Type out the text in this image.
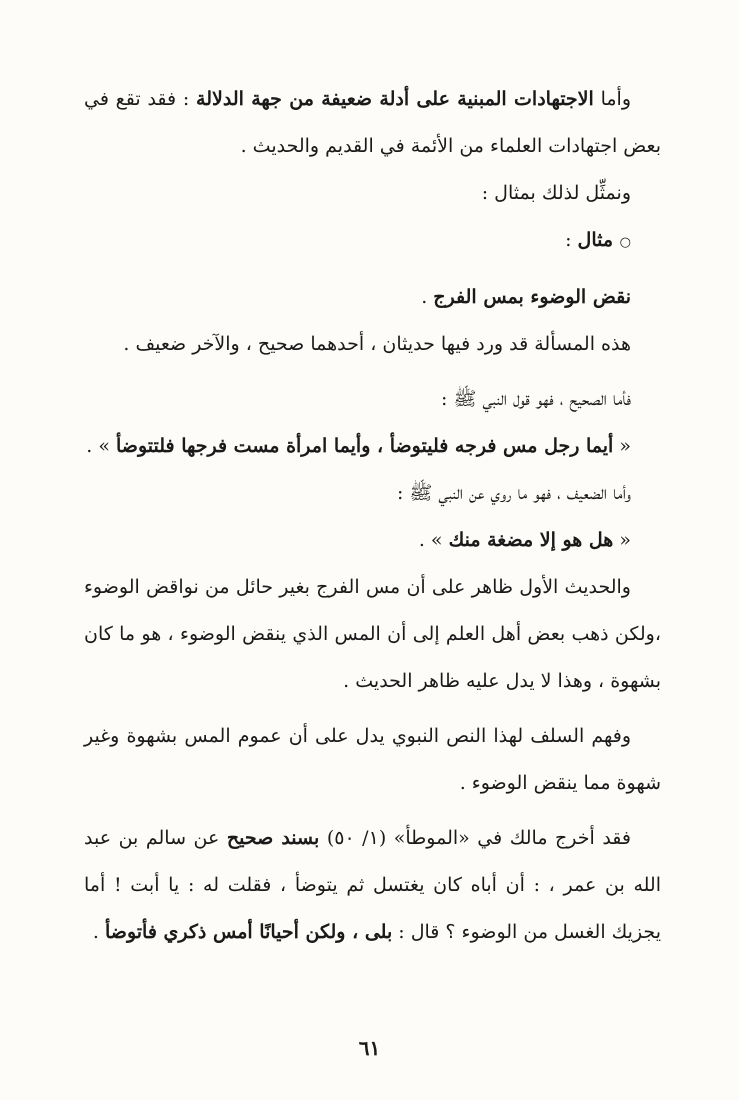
وأما الاجتهادات المبنية على أدلة ضعيفة من جهة الدلالة : فقد تقع في بعض اجتهادات العلماء من الأئمة في القديم والحديث .

ونمثِّل لذلك بمثال :

○ مثال :

نقض الوضوء بمس الفرج .

هذه المسألة قد ورد فيها حديثان ، أحدهما صحيح ، والآخر ضعيف .

فأما الصحيح ، فهو قول النبي ﷺ :

« أيما رجل مس فرجه فليتوضأ ، وأيما امرأة مست فرجها فلتتوضأ » .

وأما الضعيف ، فهو ما روي عن النبي ﷺ :

« هل هو إلا مضغة منك » .

والحديث الأول ظاهر على أن مس الفرج بغير حائل من نواقض الوضوء ،ولكن ذهب بعض أهل العلم إلى أن المس الذي ينقض الوضوء ، هو ما كان بشهوة ، وهذا لا يدل عليه ظاهر الحديث .

وفهم السلف لهذا النص النبوي يدل على أن عموم المس بشهوة وغير شهوة مما ينقض الوضوء .

فقد أخرج مالك في «الموطأ» (١/ ٥٠) بسند صحيح عن سالم بن عبد الله بن عمر ، : أن أباه كان يغتسل ثم يتوضأ ، فقلت له : يا أبت ! أما يجزيك الغسل من الوضوء ؟ قال : بلى ، ولكن أحيانًا أمس ذكري فأتوضأ .

٦١
